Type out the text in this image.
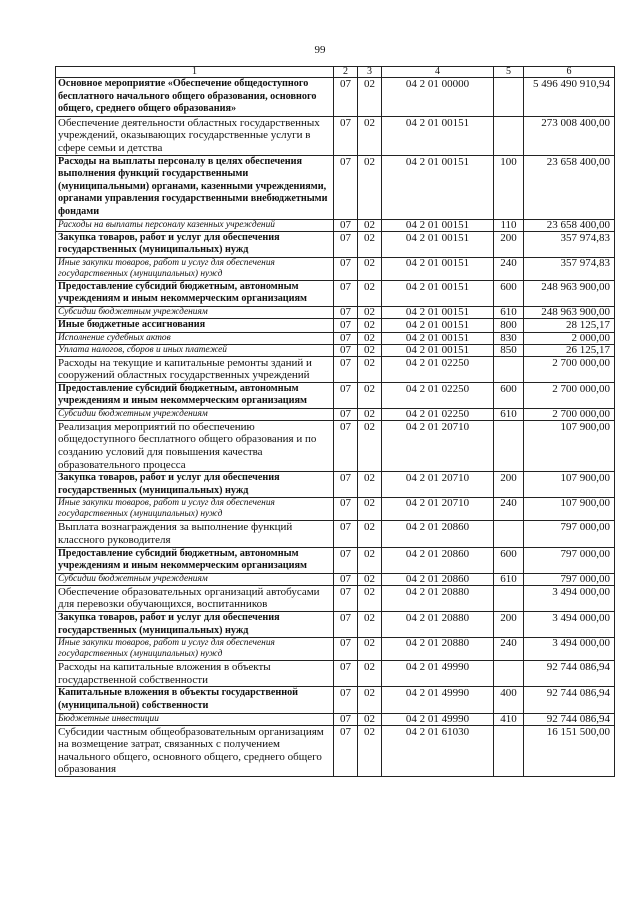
99
1	2	3	4	5	6
Основное мероприятие «Обеспечение общедоступного бесплатного начального общего образования, основного общего, среднего общего образования»	07	02	04 2 01 00000		5 496 490 910,94
Обеспечение деятельности областных государственных учреждений, оказывающих государственные услуги в сфере семьи и детства	07	02	04 2 01 00151		273 008 400,00
Расходы на выплаты персоналу в целях обеспечения выполнения функций государственными (муниципальными) органами, казенными учреждениями, органами управления государственными внебюджетными фондами	07	02	04 2 01 00151	100	23 658 400,00
Расходы на выплаты персоналу казенных учреждений	07	02	04 2 01 00151	110	23 658 400,00
Закупка товаров, работ и услуг для обеспечения государственных (муниципальных) нужд	07	02	04 2 01 00151	200	357 974,83
Иные закупки товаров, работ и услуг для обеспечения государственных (муниципальных) нужд	07	02	04 2 01 00151	240	357 974,83
Предоставление субсидий бюджетным, автономным учреждениям и иным некоммерческим организациям	07	02	04 2 01 00151	600	248 963 900,00
Субсидии бюджетным учреждениям	07	02	04 2 01 00151	610	248 963 900,00
Иные бюджетные ассигнования	07	02	04 2 01 00151	800	28 125,17
Исполнение судебных актов	07	02	04 2 01 00151	830	2 000,00
Уплата налогов, сборов и иных платежей	07	02	04 2 01 00151	850	26 125,17
Расходы на текущие и капитальные ремонты зданий и сооружений областных государственных учреждений	07	02	04 2 01 02250		2 700 000,00
Предоставление субсидий бюджетным, автономным учреждениям и иным некоммерческим организациям	07	02	04 2 01 02250	600	2 700 000,00
Субсидии бюджетным учреждениям	07	02	04 2 01 02250	610	2 700 000,00
Реализация мероприятий по обеспечению общедоступного бесплатного общего образования и по созданию условий для повышения качества образовательного процесса	07	02	04 2 01 20710		107 900,00
Закупка товаров, работ и услуг для обеспечения государственных (муниципальных) нужд	07	02	04 2 01 20710	200	107 900,00
Иные закупки товаров, работ и услуг для обеспечения государственных (муниципальных) нужд	07	02	04 2 01 20710	240	107 900,00
Выплата вознаграждения за выполнение функций классного руководителя	07	02	04 2 01 20860		797 000,00
Предоставление субсидий бюджетным, автономным учреждениям и иным некоммерческим организациям	07	02	04 2 01 20860	600	797 000,00
Субсидии бюджетным учреждениям	07	02	04 2 01 20860	610	797 000,00
Обеспечение образовательных организаций автобусами для перевозки обучающихся, воспитанников	07	02	04 2 01 20880		3 494 000,00
Закупка товаров, работ и услуг для обеспечения государственных (муниципальных) нужд	07	02	04 2 01 20880	200	3 494 000,00
Иные закупки товаров, работ и услуг для обеспечения государственных (муниципальных) нужд	07	02	04 2 01 20880	240	3 494 000,00
Расходы на капитальные вложения в объекты государственной собственности	07	02	04 2 01 49990		92 744 086,94
Капитальные вложения в объекты государственной (муниципальной) собственности	07	02	04 2 01 49990	400	92 744 086,94
Бюджетные инвестиции	07	02	04 2 01 49990	410	92 744 086,94
Субсидии частным общеобразовательным организациям на возмещение затрат, связанных с получением начального общего, основного общего, среднего общего образования	07	02	04 2 01 61030		16 151 500,00
